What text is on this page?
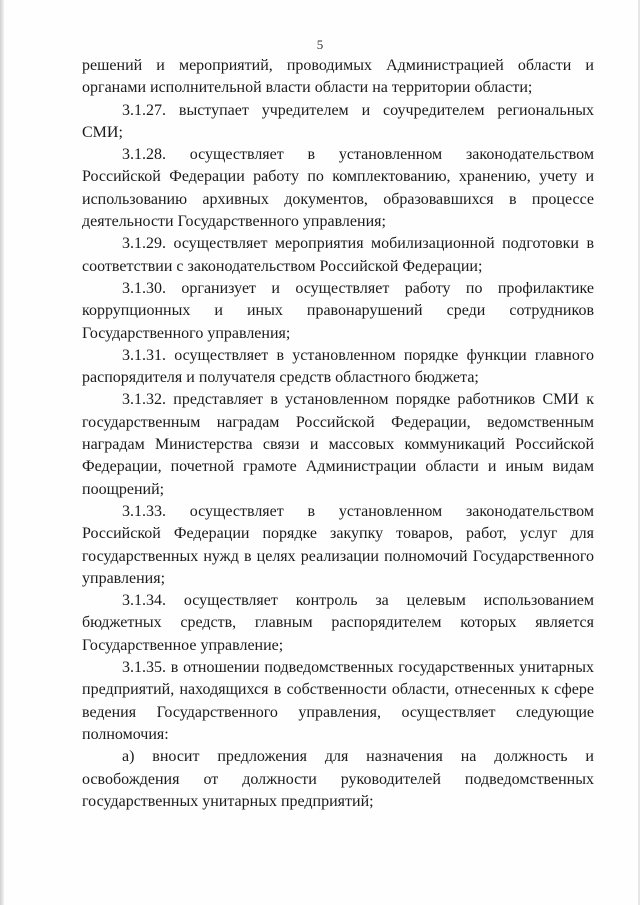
5

решений и мероприятий, проводимых Администрацией области и органами исполнительной власти области на территории области;

3.1.27. выступает учредителем и соучредителем региональных СМИ;

3.1.28. осуществляет в установленном законодательством Российской Федерации работу по комплектованию, хранению, учету и использованию архивных документов, образовавшихся в процессе деятельности Государственного управления;

3.1.29. осуществляет мероприятия мобилизационной подготовки в соответствии с законодательством Российской Федерации;

3.1.30. организует и осуществляет работу по профилактике коррупционных и иных правонарушений среди сотрудников Государственного управления;

3.1.31. осуществляет в установленном порядке функции главного распорядителя и получателя средств областного бюджета;

3.1.32. представляет в установленном порядке работников СМИ к государственным наградам Российской Федерации, ведомственным наградам Министерства связи и массовых коммуникаций Российской Федерации, почетной грамоте Администрации области и иным видам поощрений;

3.1.33. осуществляет в установленном законодательством Российской Федерации порядке закупку товаров, работ, услуг для государственных нужд в целях реализации полномочий Государственного управления;

3.1.34. осуществляет контроль за целевым использованием бюджетных средств, главным распорядителем которых является Государственное управление;

3.1.35. в отношении подведомственных государственных унитарных предприятий, находящихся в собственности области, отнесенных к сфере ведения Государственного управления, осуществляет следующие полномочия:

а) вносит предложения для назначения на должность и освобождения от должности руководителей подведомственных государственных унитарных предприятий;
